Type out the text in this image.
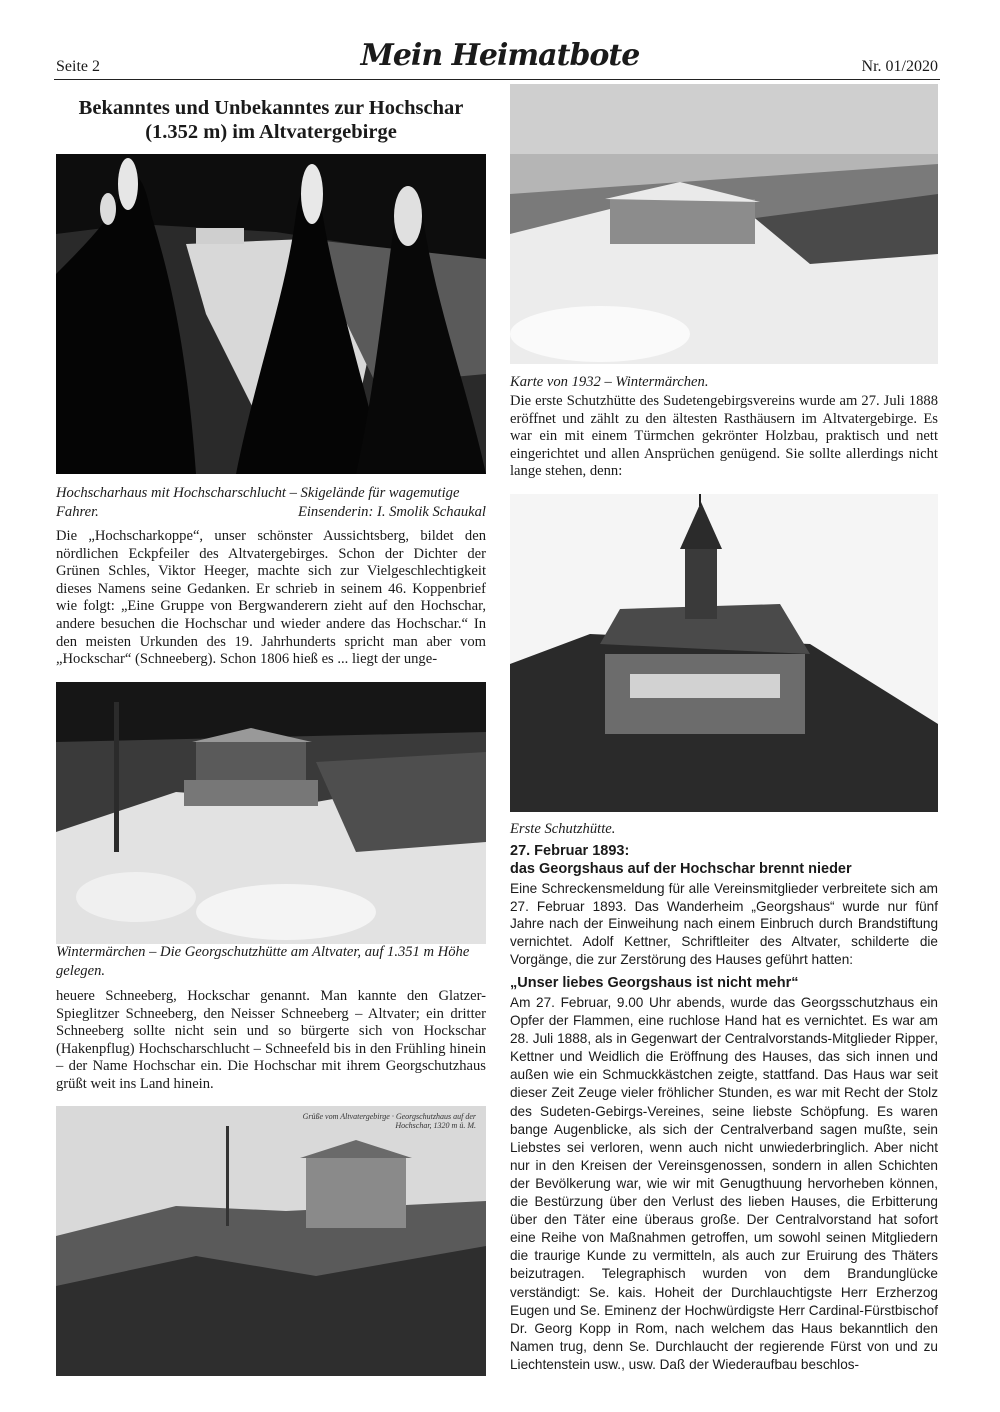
Seite 2	Mein Heimatbote	Nr. 01/2020
Bekanntes und Unbekanntes zur Hochschar
(1.352 m) im Altvatergebirge
Hochscharhaus mit Hochscharschlucht – Skigelände für wagemutige Fahrer.	Einsenderin: I. Smolik Schaukal

Die „Hochscharkoppe“, unser schönster Aussichtsberg, bildet den nördlichen Eckpfeiler des Altvatergebirges. Schon der Dichter der Grünen Schles, Viktor Heeger, machte sich zur Vielgeschlechtigkeit dieses Namens seine Gedanken. Er schrieb in seinem 46. Koppenbrief wie folgt: „Eine Gruppe von Bergwanderern zieht auf den Hochschar, andere besuchen die Hochschar und wieder andere das Hochschar.“ In den meisten Urkunden des 19. Jahrhunderts spricht man aber vom „Hockschar“ (Schneeberg). Schon 1806 hieß es ... liegt der unge-

Wintermärchen – Die Georgschutzhütte am Altvater, auf 1.351 m Höhe gelegen.

heuere Schneeberg, Hockschar genannt. Man kannte den Glatzer-Spieglitzer Schneeberg, den Neisser Schneeberg – Altvater; ein dritter Schneeberg sollte nicht sein und so bürgerte sich von Hockschar (Hakenpflug) Hochscharschlucht – Schneefeld bis in den Frühling hinein – der Name Hochschar ein. Die Hochschar mit ihrem Georgschutzhaus grüßt weit ins Land hinein.

Grüße vom Altvatergebirge · Georgschutzhaus auf der Hochschar, 1320 m ü. M.
Karte von 1932 – Wintermärchen.

Die erste Schutzhütte des Sudetengebirgsvereins wurde am 27. Juli 1888 eröffnet und zählt zu den ältesten Rasthäusern im Altvatergebirge. Es war ein mit einem Türmchen gekrönter Holzbau, praktisch und nett eingerichtet und allen Ansprüchen genügend. Sie sollte allerdings nicht lange stehen, denn:

Erste Schutzhütte.
27. Februar 1893:
das Georgshaus auf der Hochschar brennt nieder

Eine Schreckensmeldung für alle Vereinsmitglieder verbreitete sich am 27. Februar 1893. Das Wanderheim „Georgshaus“ wurde nur fünf Jahre nach der Einweihung nach einem Einbruch durch Brandstiftung vernichtet. Adolf Kettner, Schriftleiter des Altvater, schilderte die Vorgänge, die zur Zerstörung des Hauses geführt hatten:

„Unser liebes Georgshaus ist nicht mehr“

Am 27. Februar, 9.00 Uhr abends, wurde das Georgsschutzhaus ein Opfer der Flammen, eine ruchlose Hand hat es vernichtet. Es war am 28. Juli 1888, als in Gegenwart der Centralvorstands-Mitglieder Ripper, Kettner und Weidlich die Eröffnung des Hauses, das sich innen und außen wie ein Schmuckkästchen zeigte, stattfand. Das Haus war seit dieser Zeit Zeuge vieler fröhlicher Stunden, es war mit Recht der Stolz des Sudeten-Gebirgs-Vereines, seine liebste Schöpfung. Es waren bange Augenblicke, als sich der Centralverband sagen mußte, sein Liebstes sei verloren, wenn auch nicht unwiederbringlich. Aber nicht nur in den Kreisen der Vereinsgenossen, sondern in allen Schichten der Bevölkerung war, wie wir mit Genugthuung hervorheben können, die Bestürzung über den Verlust des lieben Hauses, die Erbitterung über den Täter eine überaus große. Der Centralvorstand hat sofort eine Reihe von Maßnahmen getroffen, um sowohl seinen Mitgliedern die traurige Kunde zu vermitteln, als auch zur Eruirung des Thäters beizutragen. Telegraphisch wurden von dem Brandunglücke verständigt: Se. kais. Hoheit der Durchlauchtigste Herr Erzherzog Eugen und Se. Eminenz der Hochwürdigste Herr Cardinal-Fürstbischof Dr. Georg Kopp in Rom, nach welchem das Haus bekanntlich den Namen trug, denn Se. Durchlaucht der regierende Fürst von und zu Liechtenstein usw., usw. Daß der Wiederaufbau beschlos-
